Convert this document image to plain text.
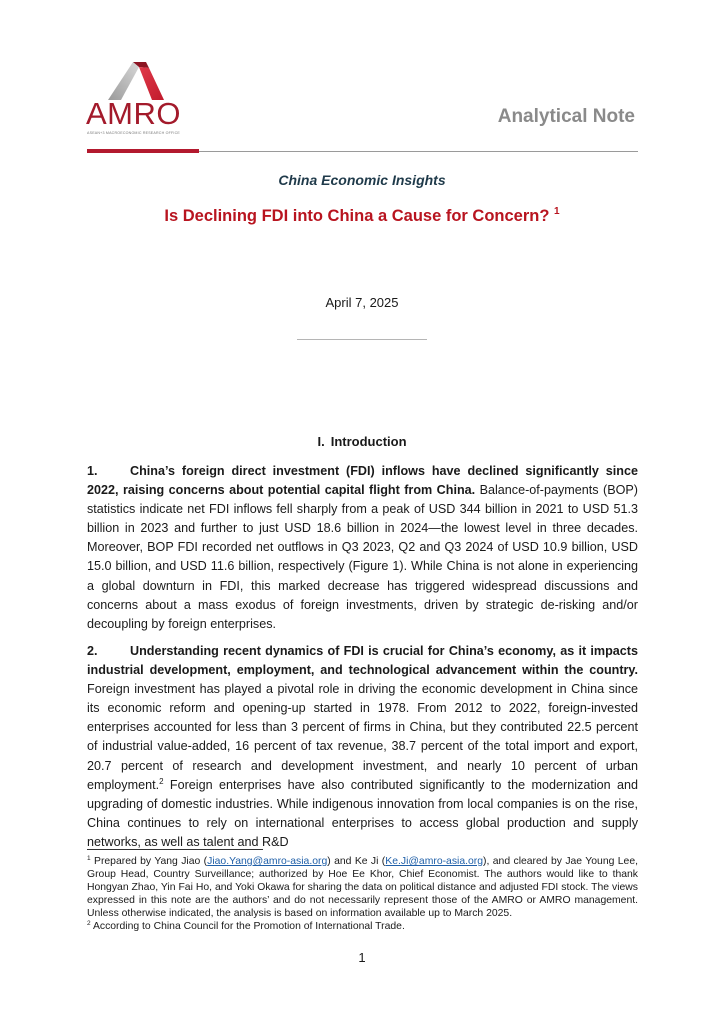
AMRO
ASEAN+3 MACROECONOMIC RESEARCH OFFICE
Analytical Note
China Economic Insights
Is Declining FDI into China a Cause for Concern? $^1$
April 7, 2025
I. Introduction
1.	China’s foreign direct investment (FDI) inflows have declined significantly since 2022, raising concerns about potential capital flight from China. Balance-of-payments (BOP) statistics indicate net FDI inflows fell sharply from a peak of USD 344 billion in 2021 to USD 51.3 billion in 2023 and further to just USD 18.6 billion in 2024—the lowest level in three decades. Moreover, BOP FDI recorded net outflows in Q3 2023, Q2 and Q3 2024 of USD 10.9 billion, USD 15.0 billion, and USD 11.6 billion, respectively (Figure 1). While China is not alone in experiencing a global downturn in FDI, this marked decrease has triggered widespread discussions and concerns about a mass exodus of foreign investments, driven by strategic de-risking and/or decoupling by foreign enterprises.
2.	Understanding recent dynamics of FDI is crucial for China’s economy, as it impacts industrial development, employment, and technological advancement within the country. Foreign investment has played a pivotal role in driving the economic development in China since its economic reform and opening-up started in 1978. From 2012 to 2022, foreign-invested enterprises accounted for less than 3 percent of firms in China, but they contributed 22.5 percent of industrial value-added, 16 percent of tax revenue, 38.7 percent of the total import and export, 20.7 percent of research and development investment, and nearly 10 percent of urban employment.$^2$ Foreign enterprises have also contributed significantly to the modernization and upgrading of domestic industries. While indigenous innovation from local companies is on the rise, China continues to rely on international enterprises to access global production and supply networks, as well as talent and R&D

$^1$ Prepared by Yang Jiao (Jiao.Yang@amro-asia.org) and Ke Ji (Ke.Ji@amro-asia.org), and cleared by Jae Young Lee, Group Head, Country Surveillance; authorized by Hoe Ee Khor, Chief Economist. The authors would like to thank Hongyan Zhao, Yin Fai Ho, and Yoki Okawa for sharing the data on political distance and adjusted FDI stock. The views expressed in this note are the authors’ and do not necessarily represent those of the AMRO or AMRO management. Unless otherwise indicated, the analysis is based on information available up to March 2025.

$^2$ According to China Council for the Promotion of International Trade.

1
